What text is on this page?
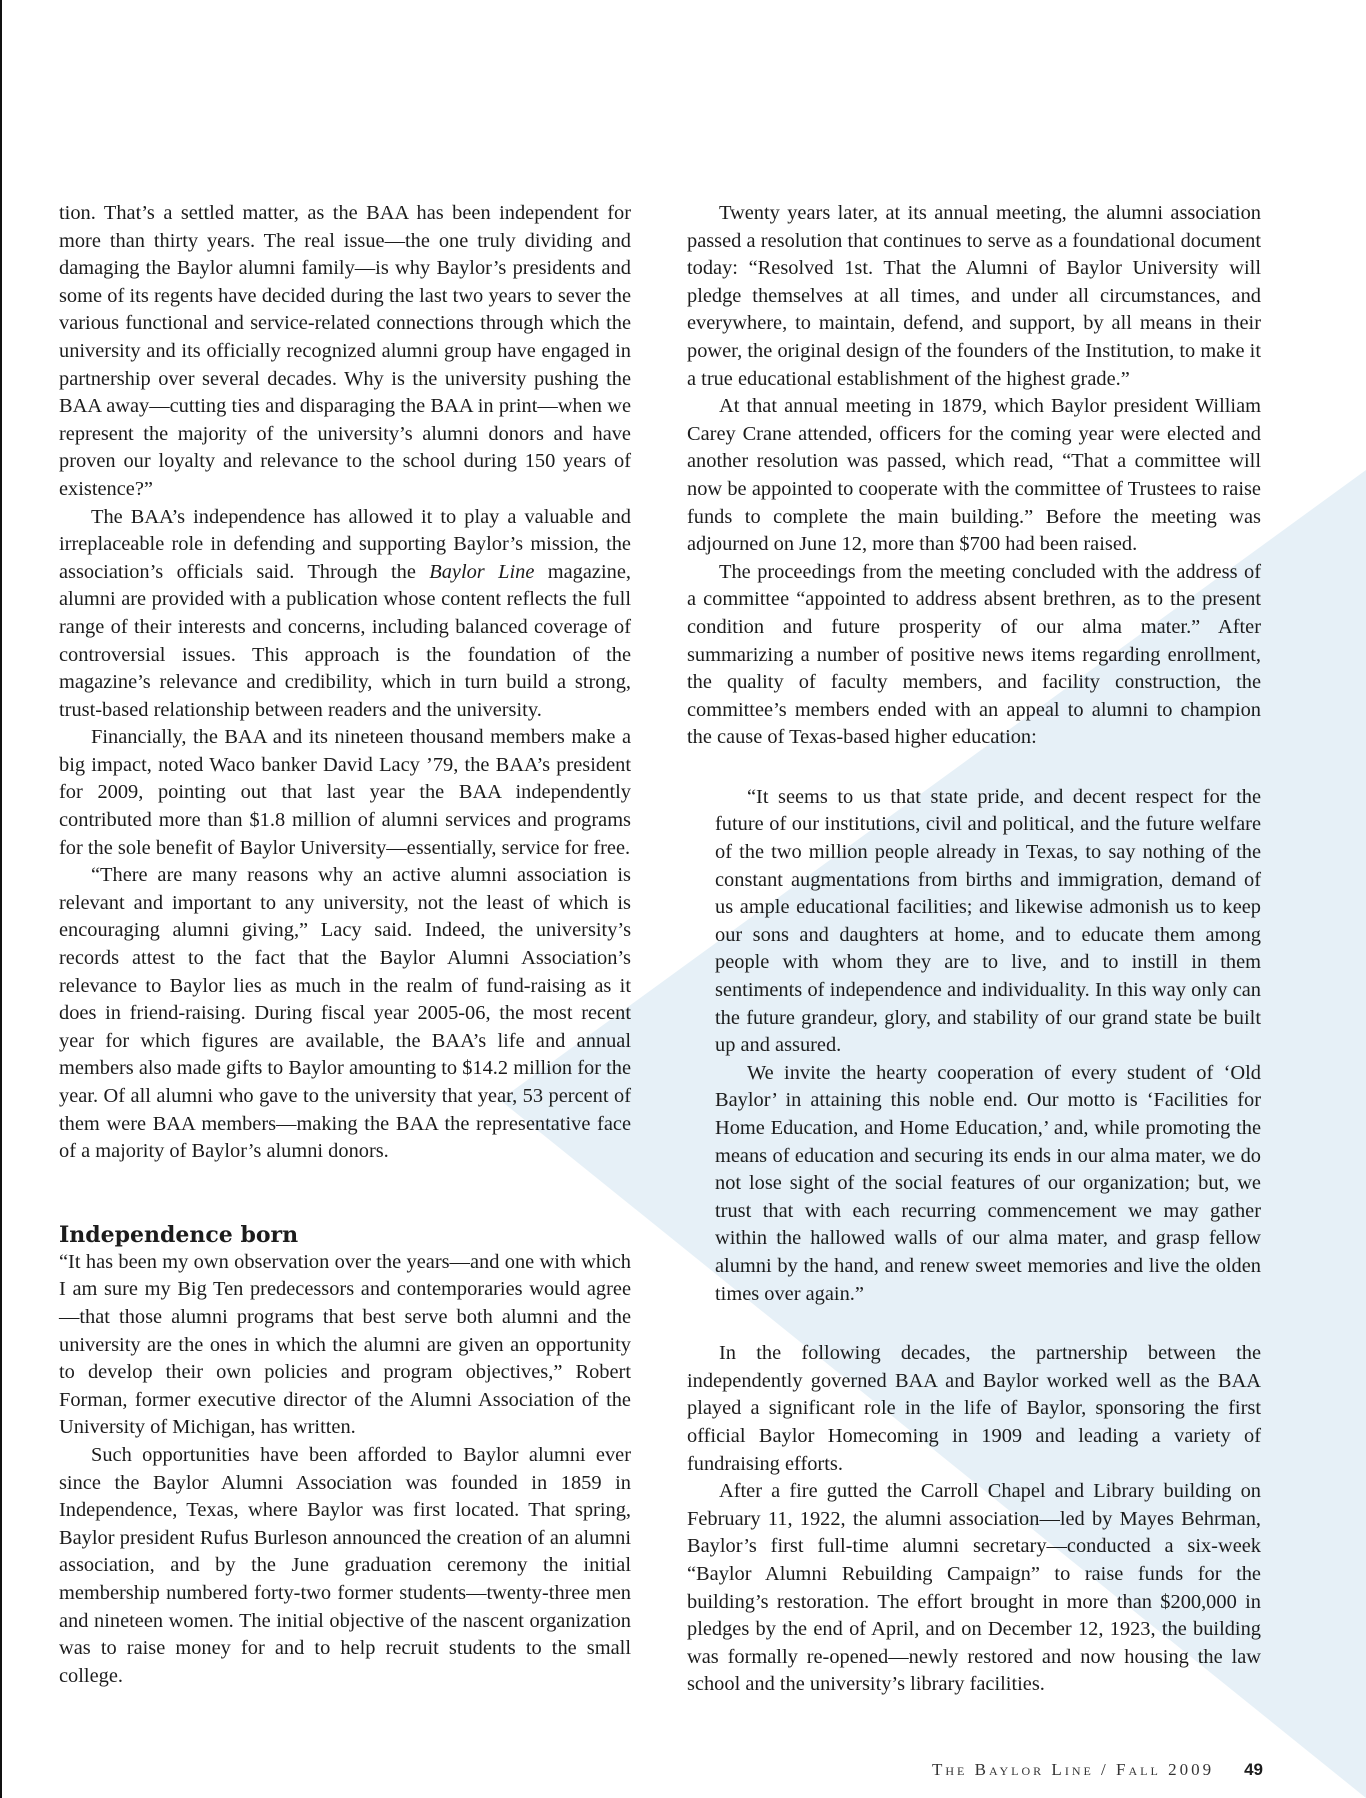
tion. That’s a settled matter, as the BAA has been independent for more than thirty years. The real issue—the one truly dividing and damaging the Baylor alumni family—is why Baylor’s presidents and some of its regents have decided during the last two years to sever the various functional and service-related connections through which the university and its officially recognized alumni group have engaged in partnership over several decades. Why is the university pushing the BAA away—cutting ties and disparaging the BAA in print—when we represent the majority of the university’s alumni donors and have proven our loyalty and relevance to the school during 150 years of existence?”

The BAA’s independence has allowed it to play a valuable and irreplaceable role in defending and supporting Baylor’s mission, the association’s officials said. Through the Baylor Line magazine, alumni are provided with a publication whose content reflects the full range of their interests and concerns, including balanced coverage of controversial issues. This approach is the foundation of the magazine’s relevance and credibility, which in turn build a strong, trust-based relationship between readers and the university.

Financially, the BAA and its nineteen thousand members make a big impact, noted Waco banker David Lacy ’79, the BAA’s president for 2009, pointing out that last year the BAA independently contributed more than $1.8 million of alumni services and programs for the sole benefit of Baylor University—essentially, service for free.

“There are many reasons why an active alumni association is relevant and important to any university, not the least of which is encouraging alumni giving,” Lacy said. Indeed, the university’s records attest to the fact that the Baylor Alumni Association’s relevance to Baylor lies as much in the realm of fund-raising as it does in friend-raising. During fiscal year 2005-06, the most recent year for which figures are available, the BAA’s life and annual members also made gifts to Baylor amounting to $14.2 million for the year. Of all alumni who gave to the university that year, 53 percent of them were BAA members—making the BAA the representative face of a majority of Baylor’s alumni donors.

Independence born

“It has been my own observation over the years—and one with which I am sure my Big Ten predecessors and contemporaries would agree—that those alumni programs that best serve both alumni and the university are the ones in which the alumni are given an opportunity to develop their own policies and program objectives,” Robert Forman, former executive director of the Alumni Association of the University of Michigan, has written.

Such opportunities have been afforded to Baylor alumni ever since the Baylor Alumni Association was founded in 1859 in Independence, Texas, where Baylor was first located. That spring, Baylor president Rufus Burleson announced the creation of an alumni association, and by the June graduation ceremony the initial membership numbered forty-two former students—twenty-three men and nineteen women. The initial objective of the nascent organization was to raise money for and to help recruit students to the small college.

Twenty years later, at its annual meeting, the alumni association passed a resolution that continues to serve as a foundational document today: “Resolved 1st. That the Alumni of Baylor University will pledge themselves at all times, and under all circumstances, and everywhere, to maintain, defend, and support, by all means in their power, the original design of the founders of the Institution, to make it a true educational establishment of the highest grade.”

At that annual meeting in 1879, which Baylor president William Carey Crane attended, officers for the coming year were elected and another resolution was passed, which read, “That a committee will now be appointed to cooperate with the committee of Trustees to raise funds to complete the main building.” Before the meeting was adjourned on June 12, more than $700 had been raised.

The proceedings from the meeting concluded with the address of a committee “appointed to address absent brethren, as to the present condition and future prosperity of our alma mater.” After summarizing a number of positive news items regarding enrollment, the quality of faculty members, and facility construction, the committee’s members ended with an appeal to alumni to champion the cause of Texas-based higher education:

“It seems to us that state pride, and decent respect for the future of our institutions, civil and political, and the future welfare of the two million people already in Texas, to say nothing of the constant augmentations from births and immigration, demand of us ample educational facilities; and likewise admonish us to keep our sons and daughters at home, and to educate them among people with whom they are to live, and to instill in them sentiments of independence and individuality. In this way only can the future grandeur, glory, and stability of our grand state be built up and assured.

We invite the hearty cooperation of every student of ‘Old Baylor’ in attaining this noble end. Our motto is ‘Facilities for Home Education, and Home Education,’ and, while promoting the means of education and securing its ends in our alma mater, we do not lose sight of the social features of our organization; but, we trust that with each recurring commencement we may gather within the hallowed walls of our alma mater, and grasp fellow alumni by the hand, and renew sweet memories and live the olden times over again.”

In the following decades, the partnership between the independently governed BAA and Baylor worked well as the BAA played a significant role in the life of Baylor, sponsoring the first official Baylor Homecoming in 1909 and leading a variety of fundraising efforts.

After a fire gutted the Carroll Chapel and Library building on February 11, 1922, the alumni association—led by Mayes Behrman, Baylor’s first full-time alumni secretary—conducted a six-week “Baylor Alumni Rebuilding Campaign” to raise funds for the building’s restoration. The effort brought in more than $200,000 in pledges by the end of April, and on December 12, 1923, the building was formally re-opened—newly restored and now housing the law school and the university’s library facilities.

The Baylor Line / Fall 2009 49
